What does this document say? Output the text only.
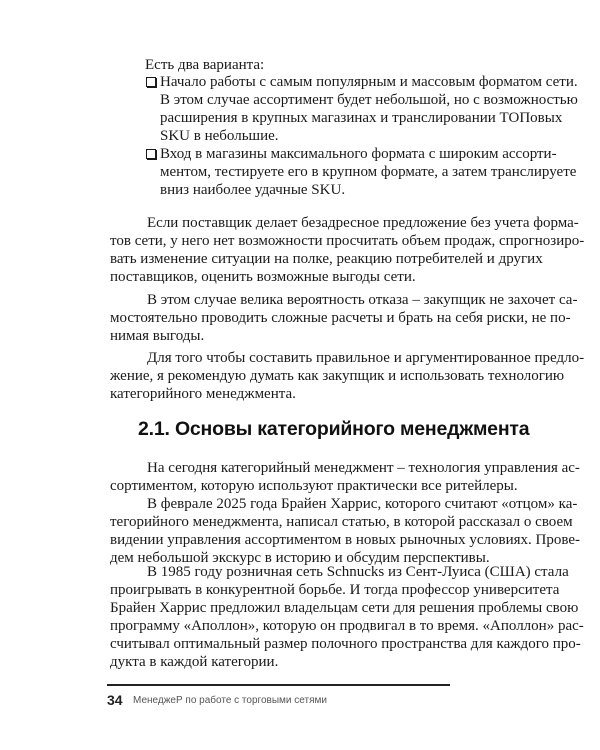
Есть два варианта:
Начало работы с самым популярным и массовым форматом сети.
В этом случае ассортимент будет небольшой, но с возможностью
расширения в крупных магазинах и транслировании ТОПовых
SKU в небольшие.
Вход в магазины максимального формата с широким ассорти-
ментом, тестируете его в крупном формате, а затем транслируете
вниз наиболее удачные SKU.
Если поставщик делает безадресное предложение без учета форма-
тов сети, у него нет возможности просчитать объем продаж, спрогнозиро-
вать изменение ситуации на полке, реакцию потребителей и других
поставщиков, оценить возможные выгоды сети.
В этом случае велика вероятность отказа – закупщик не захочет са-
мостоятельно проводить сложные расчеты и брать на себя риски, не по-
нимая выгоды.
Для того чтобы составить правильное и аргументированное предло-
жение, я рекомендую думать как закупщик и использовать технологию
категорийного менеджмента.
На сегодня категорийный менеджмент – технология управления ас-
сортиментом, которую используют практически все ритейлеры.
В феврале 2025 года Брайен Харрис, которого считают «отцом» ка-
тегорийного менеджмента, написал статью, в которой рассказал о своем
видении управления ассортиментом в новых рыночных условиях. Прове-
дем небольшой экскурс в историю и обсудим перспективы.
В 1985 году розничная сеть Schnucks из Сент-Луиса (США) стала
проигрывать в конкурентной борьбе. И тогда профессор университета
Брайен Харрис предложил владельцам сети для решения проблемы свою
программу «Аполлон», которую он продвигал в то время. «Аполлон» рас-
считывал оптимальный размер полочного пространства для каждого про-
дукта в каждой категории.
2.1. Основы категорийного менеджмента
34 МенеджеР по работе с торговыми сетями
